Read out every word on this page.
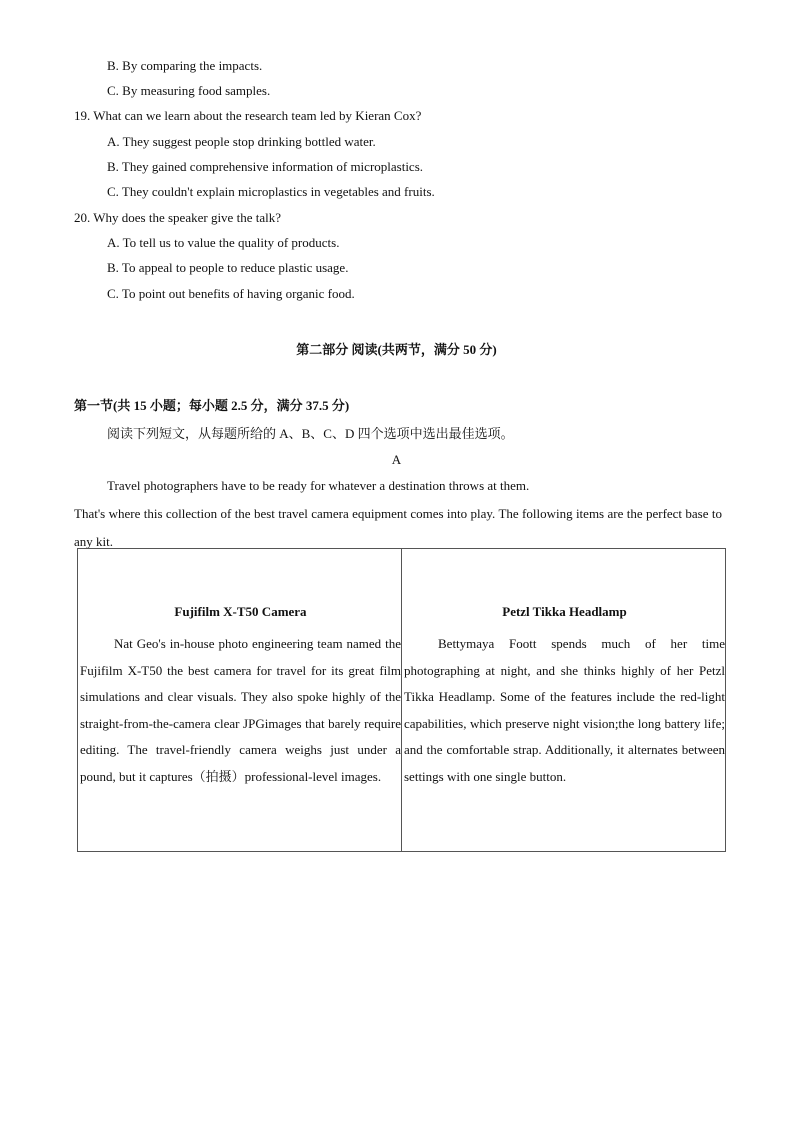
B. By comparing the impacts.
C. By measuring food samples.
19. What can we learn about the research team led by Kieran Cox?
A. They suggest people stop drinking bottled water.
B. They gained comprehensive information of microplastics.
C. They couldn't explain microplastics in vegetables and fruits.
20. Why does the speaker give the talk?
A. To tell us to value the quality of products.
B. To appeal to people to reduce plastic usage.
C. To point out benefits of having organic food.
第二部分 阅读(共两节，满分 50 分)
第一节(共 15 小题；每小题 2.5 分，满分 37.5 分)
阅读下列短文，从每题所给的 A、B、C、D 四个选项中选出最佳选项。
A
Travel photographers have to be ready for whatever a destination throws at them.
That's where this collection of the best travel camera equipment comes into play. The following items are the perfect base to any kit.
Fujifilm X-T50 Camera
Nat Geo's in-house photo engineering team named the Fujifilm X-T50 the best camera for travel for its great film simulations and clear visuals. They also spoke highly of the straight-from-the-camera clear JPGimages that barely require editing. The travel-friendly camera weighs just under a pound, but it captures（拍摄）professional-level images.

Petzl Tikka Headlamp
Bettymaya Foott spends much of her time photographing at night, and she thinks highly of her Petzl Tikka Headlamp. Some of the features include the red-light capabilities, which preserve night vision;the long battery life; and the comfortable strap. Additionally, it alternates between settings with one single button.
